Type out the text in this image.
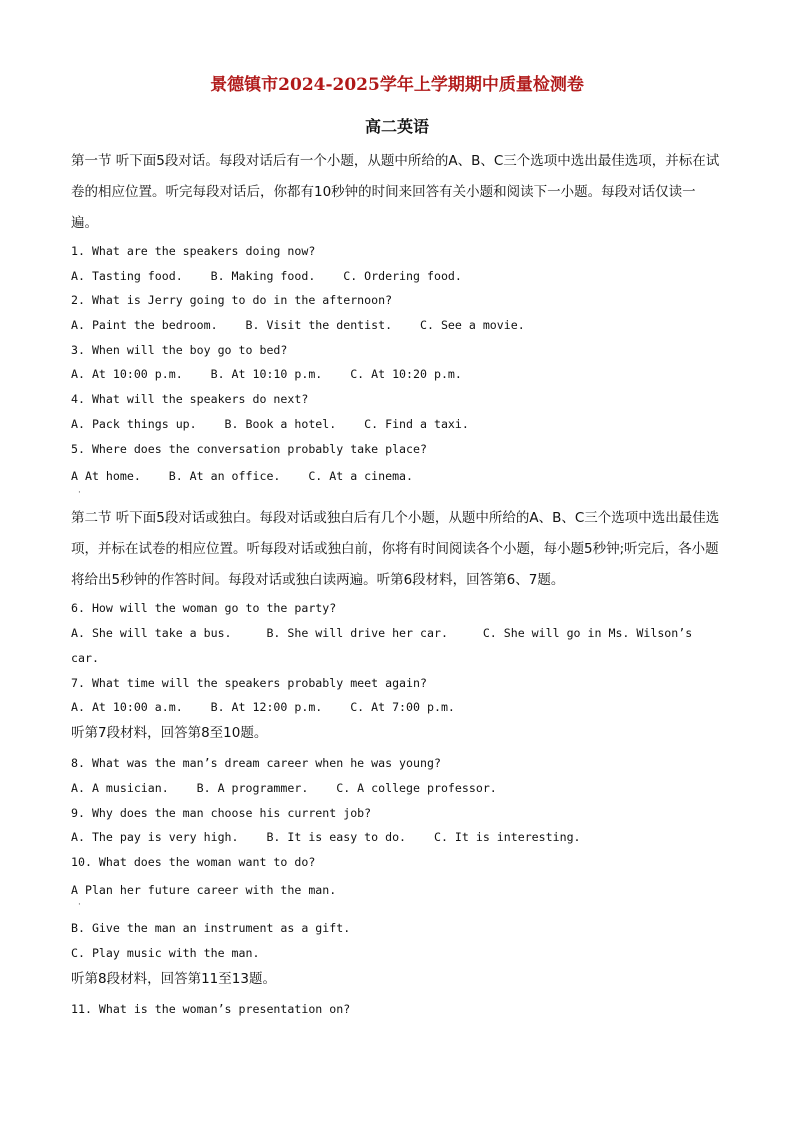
景德镇市2024-2025学年上学期期中质量检测卷
高二英语

第一节 听下面5段对话。每段对话后有一个小题，从题中所给的A、B、C三个选项中选出最佳选项，并标在试卷的相应位置。听完每段对话后，你都有10秒钟的时间来回答有关小题和阅读下一小题。每段对话仅读一遍。

1. What are the speakers doing now?
A. Tasting food.    B. Making food.    C. Ordering food.
2. What is Jerry going to do in the afternoon?
A. Paint the bedroom.    B. Visit the dentist.    C. See a movie.
3. When will the boy go to bed?
A. At 10:00 p.m.    B. At 10:10 p.m.    C. At 10:20 p.m.
4. What will the speakers do next?
A. Pack things up.    B. Book a hotel.    C. Find a taxi.
5. Where does the conversation probably take place?
A At home.    B. At an office.    C. At a cinema.
·

第二节 听下面5段对话或独白。每段对话或独白后有几个小题，从题中所给的A、B、C三个选项中选出最佳选项，并标在试卷的相应位置。听每段对话或独白前，你将有时间阅读各个小题，每小题5秒钟;听完后，各小题将给出5秒钟的作答时间。每段对话或独白读两遍。听第6段材料，回答第6、7题。

6. How will the woman go to the party?
A. She will take a bus.     B. She will drive her car.     C. She will go in Ms. Wilson’s
car.
7. What time will the speakers probably meet again?
A. At 10:00 a.m.    B. At 12:00 p.m.    C. At 7:00 p.m.
听第7段材料，回答第8至10题。
8. What was the man’s dream career when he was young?
A. A musician.    B. A programmer.    C. A college professor.
9. Why does the man choose his current job?
A. The pay is very high.    B. It is easy to do.    C. It is interesting.
10. What does the woman want to do?
A Plan her future career with the man.
·
B. Give the man an instrument as a gift.
C. Play music with the man.
听第8段材料，回答第11至13题。
11. What is the woman’s presentation on?
